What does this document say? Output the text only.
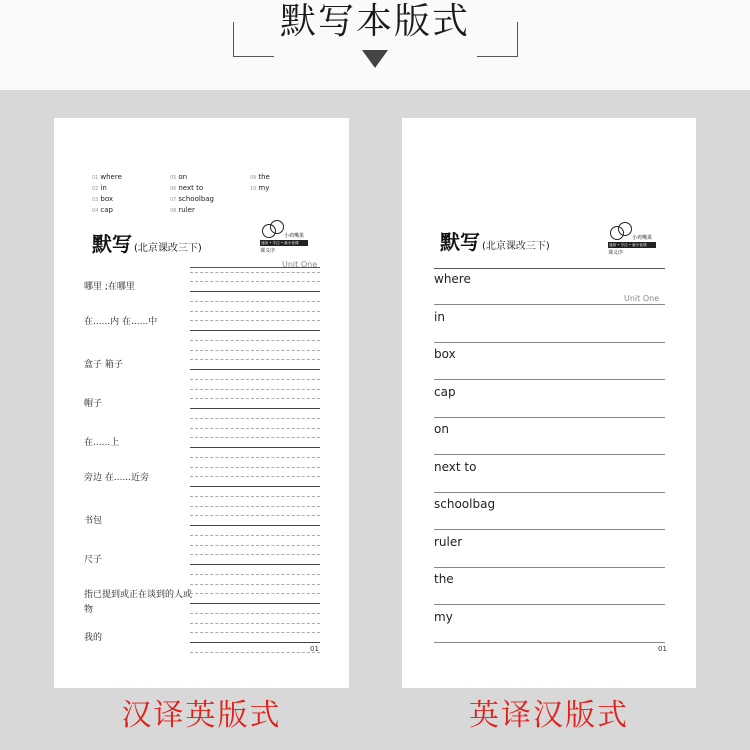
默写本版式
01 where
02 in
03 box
04 cap
05 on
06 next to
07 schoolbag
08 ruler
09 the
10 my
默写 (北京课改三下)
小鸡嘴果
速读 • 专注 • 新小说课
课义序
Unit One
哪里 ;在哪里
在......内 在......中
盒子 箱子
帽子
在......上
旁边 在......近旁
书包
尺子
指已提到或正在谈到的人或物
我的
01
默写 (北京课改三下)
小鸡嘴果
速读 • 专注 • 新小说课
课义序
Unit One
where
in
box
cap
on
next to
schoolbag
ruler
the
my
01
汉译英版式	英译汉版式
